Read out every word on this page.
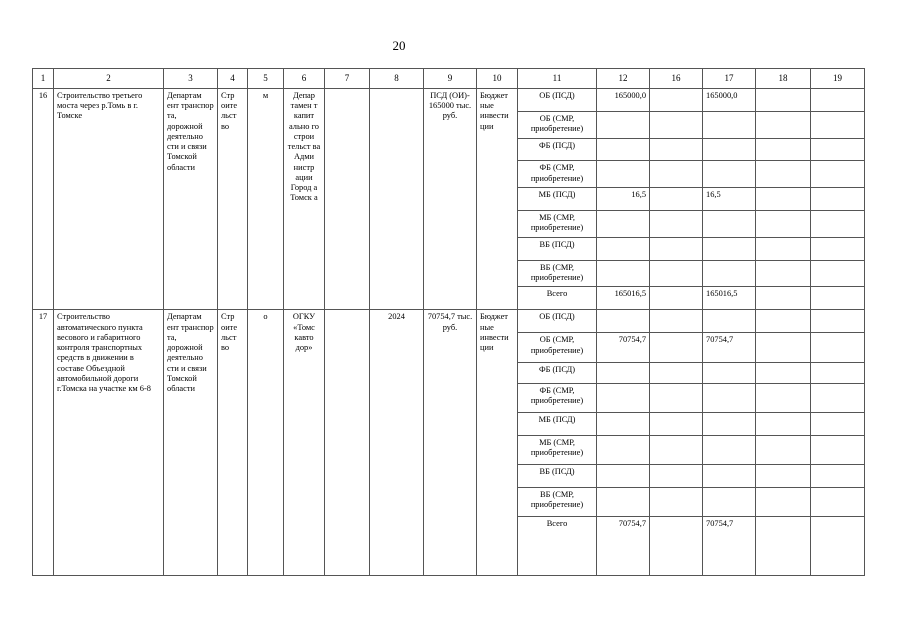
20
1	2	3	4	5	6	7	8	9	10	11	12	16	17	18	19
16	Строительство третьего моста через р.Томь в г. Томске	Департам ент транспор та, дорожной деятельно сти и связи Томской области	Стр оите льст во	м	Депар тамен т капит ально го строи тельст ва Адми нистр ации Город а Томск а			ПСД (ОИ)- 165000 тыс. руб.	Бюджет ные инвести ции	ОБ (ПСД)	165000,0		165000,0		
										ОБ (СМР, приобретение)					
										ФБ (ПСД)					
										ФБ (СМР, приобретение)					
										МБ (ПСД)	16,5		16,5		
										МБ (СМР, приобретение)					
										ВБ (ПСД)					
										ВБ (СМР, приобретение)					
										Всего	165016,5		165016,5		
17	Строительство автоматического пункта весового и габаритного контроля транспортных средств в движении в составе Объездной автомобильной дороги г.Томска на участке км 6-8	Департам ент транспор та, дорожной деятельно сти и связи Томской области	Стр оите льст во	о	ОГКУ «Томс кавто дор»		2024	70754,7 тыс. руб.	Бюджет ные инвести ции	ОБ (ПСД)					
										ОБ (СМР, приобретение)	70754,7		70754,7		
										ФБ (ПСД)					
										ФБ (СМР, приобретение)					
										МБ (ПСД)					
										МБ (СМР, приобретение)					
										ВБ (ПСД)					
										ВБ (СМР, приобретение)					
										Всего	70754,7		70754,7		
